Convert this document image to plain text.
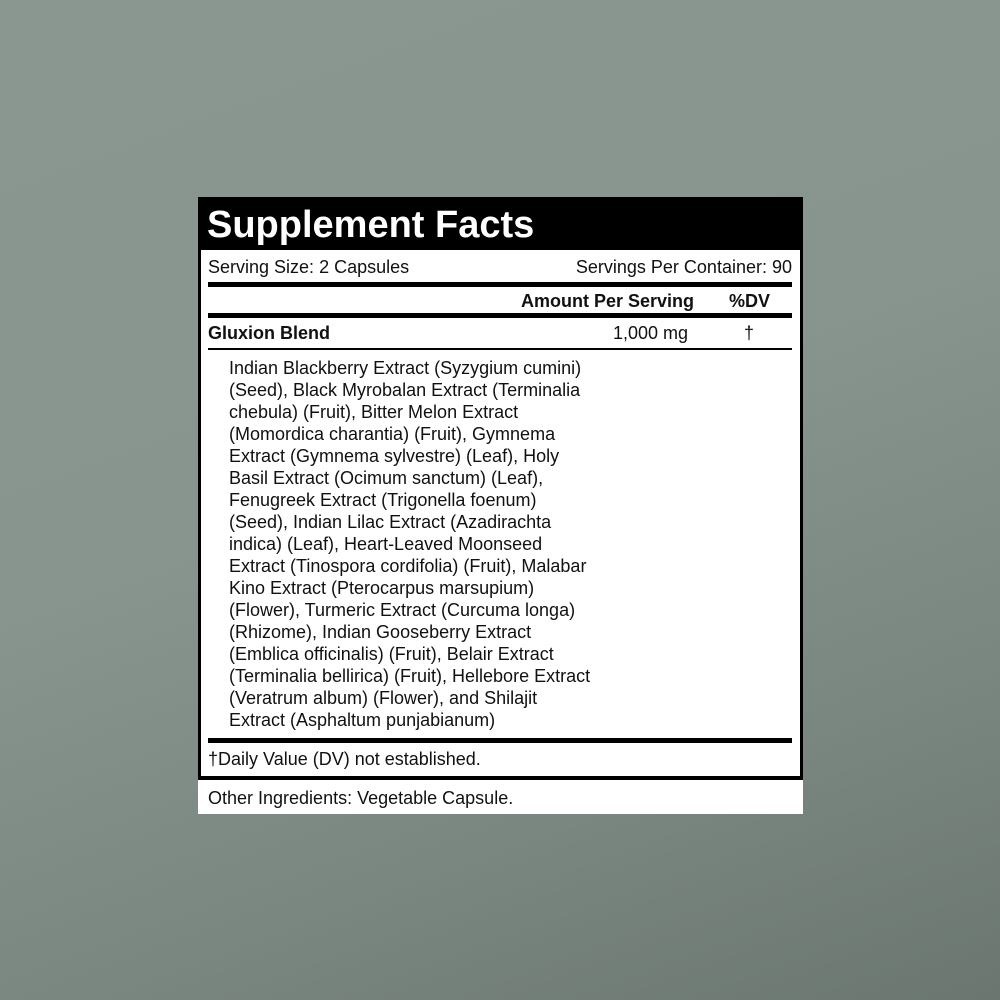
Supplement Facts
Serving Size: 2 Capsules	Servings Per Container: 90
Amount Per Serving %DV
Gluxion Blend	1,000 mg	†
Indian Blackberry Extract (Syzygium cumini)
(Seed), Black Myrobalan Extract (Terminalia
chebula) (Fruit), Bitter Melon Extract
(Momordica charantia) (Fruit), Gymnema
Extract (Gymnema sylvestre) (Leaf), Holy
Basil Extract (Ocimum sanctum) (Leaf),
Fenugreek Extract (Trigonella foenum)
(Seed), Indian Lilac Extract (Azadirachta
indica) (Leaf), Heart-Leaved Moonseed
Extract (Tinospora cordifolia) (Fruit), Malabar
Kino Extract (Pterocarpus marsupium)
(Flower), Turmeric Extract (Curcuma longa)
(Rhizome), Indian Gooseberry Extract
(Emblica officinalis) (Fruit), Belair Extract
(Terminalia bellirica) (Fruit), Hellebore Extract
(Veratrum album) (Flower), and Shilajit
Extract (Asphaltum punjabianum)
†Daily Value (DV) not established.
Other Ingredients: Vegetable Capsule.
